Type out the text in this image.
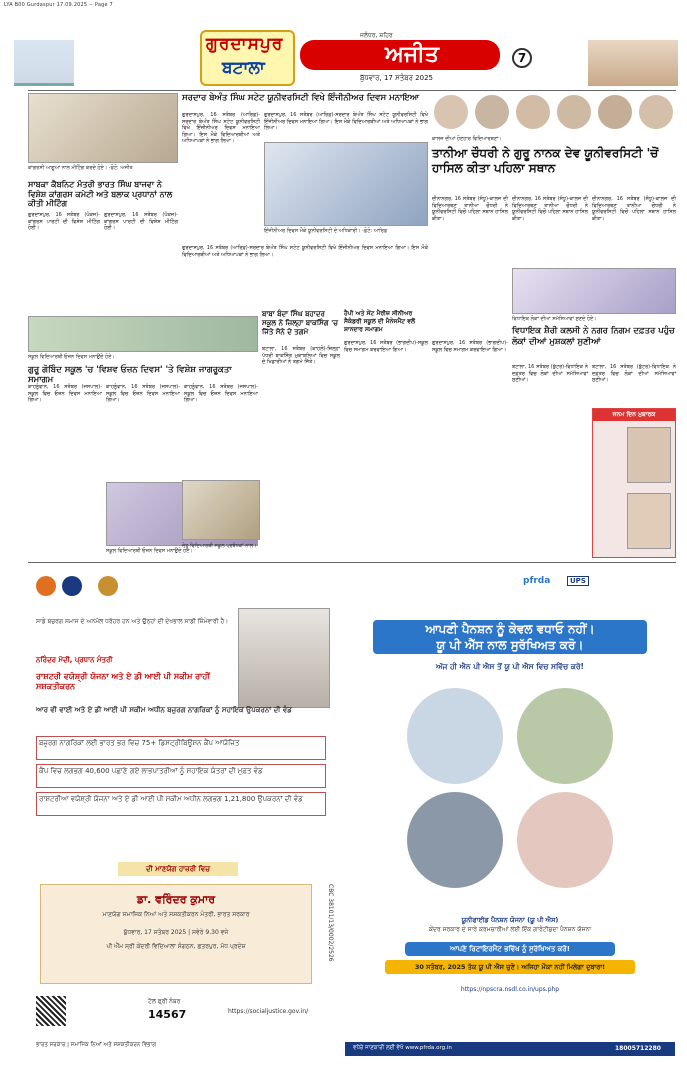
LYA B00 Gurdaspur 17.09.2025 -- Page 7
ਗੁਰਦਾਸਪੁਰ
ਬਟਾਲਾ
ਜਲੰਧਰ, ਸ਼ਹਿਰ
ਅਜੀਤ
ਬੁੱਧਵਾਰ, 17 ਸਤੰਬਰ 2025
7
ਕਾਂਗਰਸੀ ਆਗੂਆਂ ਨਾਲ ਮੀਟਿੰਗ ਕਰਦੇ ਹੋਏ। -ਫ਼ੋਟੋ: ਅਜੀਤ
ਸਾਬਕਾ ਕੈਬਨਿਟ ਮੰਤਰੀ ਭਾਰਤ ਸਿੰਘ ਬਾਜਵਾ ਨੇ ਵਿਸ਼ੇਸ਼ ਕਾਂਗਰਸ ਕਮੇਟੀ ਅਤੇ ਬਲਾਕ ਪ੍ਰਧਾਨਾਂ ਨਾਲ ਕੀਤੀ ਮੀਟਿੰਗ
ਗੁਰਦਾਸਪੁਰ, 16 ਸਤੰਬਰ (ਪੰਕਜ)-ਕਾਂਗਰਸ ਪਾਰਟੀ ਦੀ ਵਿਸ਼ੇਸ਼ ਮੀਟਿੰਗ ਹੋਈ।
ਗੁਰਦਾਸਪੁਰ, 16 ਸਤੰਬਰ (ਪੰਕਜ)-ਕਾਂਗਰਸ ਪਾਰਟੀ ਦੀ ਵਿਸ਼ੇਸ਼ ਮੀਟਿੰਗ ਹੋਈ।
ਸਕੂਲ ਵਿਦਿਆਰਥੀ ਓਜ਼ਨ ਦਿਵਸ ਮਨਾਉਂਦੇ ਹੋਏ।
ਗੁਰੂ ਗੋਬਿੰਦ ਸਕੂਲ 'ਚ 'ਵਿਸ਼ਵ ਓਜ਼ਨ ਦਿਵਸ' 'ਤੇ ਵਿਸ਼ੇਸ਼ ਜਾਗਰੂਕਤਾ ਸਮਾਗਮ
ਕਾਹਨੂੰਵਾਨ, 16 ਸਤੰਬਰ (ਜਸਪਾਲ)-ਸਕੂਲ ਵਿਚ ਓਜ਼ਨ ਦਿਵਸ ਮਨਾਇਆ ਗਿਆ।
ਕਾਹਨੂੰਵਾਨ, 16 ਸਤੰਬਰ (ਜਸਪਾਲ)-ਸਕੂਲ ਵਿਚ ਓਜ਼ਨ ਦਿਵਸ ਮਨਾਇਆ ਗਿਆ।
ਕਾਹਨੂੰਵਾਨ, 16 ਸਤੰਬਰ (ਜਸਪਾਲ)-ਸਕੂਲ ਵਿਚ ਓਜ਼ਨ ਦਿਵਸ ਮਨਾਇਆ ਗਿਆ।
ਸਕੂਲ ਵਿਦਿਆਰਥੀ ਓਜ਼ਨ ਦਿਵਸ ਮਨਾਉਂਦੇ ਹੋਏ।
ਸਰਦਾਰ ਬੇਅੰਤ ਸਿੰਘ ਸਟੇਟ ਯੂਨੀਵਰਸਿਟੀ ਵਿਖੇ ਇੰਜੀਨੀਅਰ ਦਿਵਸ ਮਨਾਇਆ
ਗੁਰਦਾਸਪੁਰ, 16 ਸਤੰਬਰ (ਆਰਿਫ਼)-ਸਰਦਾਰ ਬੇਅੰਤ ਸਿੰਘ ਸਟੇਟ ਯੂਨੀਵਰਸਿਟੀ ਵਿਖੇ ਇੰਜੀਨੀਅਰ ਦਿਵਸ ਮਨਾਇਆ ਗਿਆ। ਇਸ ਮੌਕੇ ਵਿਦਿਆਰਥੀਆਂ ਅਤੇ ਅਧਿਆਪਕਾਂ ਨੇ ਭਾਗ ਲਿਆ।
ਗੁਰਦਾਸਪੁਰ, 16 ਸਤੰਬਰ (ਆਰਿਫ਼)-ਸਰਦਾਰ ਬੇਅੰਤ ਸਿੰਘ ਸਟੇਟ ਯੂਨੀਵਰਸਿਟੀ ਵਿਖੇ ਇੰਜੀਨੀਅਰ ਦਿਵਸ ਮਨਾਇਆ ਗਿਆ। ਇਸ ਮੌਕੇ ਵਿਦਿਆਰਥੀਆਂ ਅਤੇ ਅਧਿਆਪਕਾਂ ਨੇ ਭਾਗ ਲਿਆ।
ਇੰਜੀਨੀਅਰ ਦਿਵਸ ਮੌਕੇ ਯੂਨੀਵਰਸਿਟੀ ਦੇ ਅਧਿਕਾਰੀ। -ਫ਼ੋਟੋ: ਆਰਿਫ਼
ਗੁਰਦਾਸਪੁਰ, 16 ਸਤੰਬਰ (ਆਰਿਫ਼)-ਸਰਦਾਰ ਬੇਅੰਤ ਸਿੰਘ ਸਟੇਟ ਯੂਨੀਵਰਸਿਟੀ ਵਿਖੇ ਇੰਜੀਨੀਅਰ ਦਿਵਸ ਮਨਾਇਆ ਗਿਆ। ਇਸ ਮੌਕੇ ਵਿਦਿਆਰਥੀਆਂ ਅਤੇ ਅਧਿਆਪਕਾਂ ਨੇ ਭਾਗ ਲਿਆ।
ਬਾਬਾ ਬੰਦਾ ਸਿੰਘ ਬਹਾਦਰ ਸਕੂਲ ਨੇ ਜ਼ਿਲ੍ਹਾ ਬਾਕਸਿੰਗ 'ਚ ਜਿੱਤੇ ਸੋਨੇ ਦੇ ਤਗਮੇ
ਬਟਾਲਾ, 16 ਸਤੰਬਰ (ਕਾਹਲੋਂ)-ਜ਼ਿਲ੍ਹਾ ਪੱਧਰੀ ਬਾਕਸਿੰਗ ਮੁਕਾਬਲਿਆਂ ਵਿਚ ਸਕੂਲ ਦੇ ਖਿਡਾਰੀਆਂ ਨੇ ਤਗਮੇ ਜਿੱਤੇ।
ਜੇਤੂ ਵਿਦਿਆਰਥੀ ਸਕੂਲ ਪ੍ਰਬੰਧਕਾਂ ਨਾਲ।
ਹੈਪੀ ਅਤੇ ਸੇਂਟ ਮੈਰੀਜ਼ ਸੀਨੀਅਰ ਸੈਕੰਡਰੀ ਸਕੂਲ ਦੀ ਮੈਨੇਜਮੈਂਟ ਵਲੋਂ ਸ਼ਾਨਦਾਰ ਸਮਾਗਮ
ਗੁਰਦਾਸਪੁਰ, 16 ਸਤੰਬਰ (ਭਾਗਦੀਪ)-ਸਕੂਲ ਵਿਚ ਸਮਾਗਮ ਕਰਵਾਇਆ ਗਿਆ।
ਗੁਰਦਾਸਪੁਰ, 16 ਸਤੰਬਰ (ਭਾਗਦੀਪ)-ਸਕੂਲ ਵਿਚ ਸਮਾਗਮ ਕਰਵਾਇਆ ਗਿਆ।
ਕਾਲਜ ਦੀਆਂ ਹੋਣਹਾਰ ਵਿਦਿਆਰਥਣਾਂ।
ਤਾਨੀਆ ਚੌਧਰੀ ਨੇ ਗੁਰੂ ਨਾਨਕ ਦੇਵ ਯੂਨੀਵਰਸਿਟੀ 'ਚੋਂ ਹਾਸਿਲ ਕੀਤਾ ਪਹਿਲਾ ਸਥਾਨ
ਦੀਨਾਨਗਰ, 16 ਸਤੰਬਰ (ਸੰਧੂ)-ਕਾਲਜ ਦੀ ਵਿਦਿਆਰਥਣ ਤਾਨੀਆ ਚੌਧਰੀ ਨੇ ਯੂਨੀਵਰਸਿਟੀ ਵਿਚੋਂ ਪਹਿਲਾ ਸਥਾਨ ਹਾਸਿਲ ਕੀਤਾ।
ਦੀਨਾਨਗਰ, 16 ਸਤੰਬਰ (ਸੰਧੂ)-ਕਾਲਜ ਦੀ ਵਿਦਿਆਰਥਣ ਤਾਨੀਆ ਚੌਧਰੀ ਨੇ ਯੂਨੀਵਰਸਿਟੀ ਵਿਚੋਂ ਪਹਿਲਾ ਸਥਾਨ ਹਾਸਿਲ ਕੀਤਾ।
ਦੀਨਾਨਗਰ, 16 ਸਤੰਬਰ (ਸੰਧੂ)-ਕਾਲਜ ਦੀ ਵਿਦਿਆਰਥਣ ਤਾਨੀਆ ਚੌਧਰੀ ਨੇ ਯੂਨੀਵਰਸਿਟੀ ਵਿਚੋਂ ਪਹਿਲਾ ਸਥਾਨ ਹਾਸਿਲ ਕੀਤਾ।
ਵਿਧਾਇਕ ਲੋਕਾਂ ਦੀਆਂ ਸਮੱਸਿਆਵਾਂ ਸੁਣਦੇ ਹੋਏ।
ਵਿਧਾਇਕ ਸ਼ੈਰੀ ਕਲਸੀ ਨੇ ਨਗਰ ਨਿਗਮ ਦਫ਼ਤਰ ਪਹੁੰਚ ਲੋਕਾਂ ਦੀਆਂ ਮੁਸ਼ਕਲਾਂ ਸੁਣੀਆਂ
ਬਟਾਲਾ, 16 ਸਤੰਬਰ (ਬੁੱਟਰ)-ਵਿਧਾਇਕ ਨੇ ਦਫ਼ਤਰ ਵਿਚ ਲੋਕਾਂ ਦੀਆਂ ਸਮੱਸਿਆਵਾਂ ਸੁਣੀਆਂ।
ਬਟਾਲਾ, 16 ਸਤੰਬਰ (ਬੁੱਟਰ)-ਵਿਧਾਇਕ ਨੇ ਦਫ਼ਤਰ ਵਿਚ ਲੋਕਾਂ ਦੀਆਂ ਸਮੱਸਿਆਵਾਂ ਸੁਣੀਆਂ।
ਜਨਮ ਦਿਨ ਮੁਬਾਰਕ
ਸਾਡੇ ਬਜ਼ੁਰਗ ਸਮਾਜ ਦੇ ਅਨਮੋਲ ਧਰੋਹਰ ਹਨ ਅਤੇ ਉਨ੍ਹਾਂ ਦੀ ਦੇਖਭਾਲ ਸਾਡੀ ਜ਼ਿੰਮੇਵਾਰੀ ਹੈ।
ਨਰਿੰਦਰ ਮੋਦੀ, ਪ੍ਰਧਾਨ ਮੰਤਰੀ
ਰਾਸ਼ਟਰੀ ਵਯੋਸ਼੍ਰੀ ਯੋਜਨਾ ਅਤੇ ਏ ਡੀ ਆਈ ਪੀ ਸਕੀਮ ਰਾਹੀਂ ਸਸ਼ਕਤੀਕਰਨ
ਆਰ ਵੀ ਵਾਈ ਅਤੇ ਏ ਡੀ ਆਈ ਪੀ ਸਕੀਮ ਅਧੀਨ ਬਜ਼ੁਰਗ ਨਾਗਰਿਕਾਂ ਨੂੰ ਸਹਾਇਕ ਉਪਕਰਨਾਂ ਦੀ ਵੰਡ
ਬਜ਼ੁਰਗ ਨਾਗਰਿਕਾਂ ਲਈ ਭਾਰਤ ਭਰ ਵਿਚ 75+ ਡਿਸਟ੍ਰੀਬਿਊਸ਼ਨ ਕੈਂਪ ਆਯੋਜਿਤ
ਕੈਂਪ ਵਿਚ ਲਗਭਗ 40,600 ਪਛਾਣੇ ਗਏ ਲਾਭਪਾਤਰੀਆਂ ਨੂੰ ਸਹਾਇਕ ਯੰਤਰਾਂ ਦੀ ਮੁਫ਼ਤ ਵੰਡ
ਰਾਸ਼ਟਰੀਆ ਵਯੋਸ਼੍ਰੀ ਯੋਜਨਾ ਅਤੇ ਏ ਡੀ ਆਈ ਪੀ ਸਕੀਮ ਅਧੀਨ ਲਗਭਗ 1,21,800 ਉਪਕਰਨਾਂ ਦੀ ਵੰਡ
ਦੀ ਮਾਣਯੋਗ ਹਾਜ਼ਰੀ ਵਿਚ
ਡਾ. ਵਰਿੰਦਰ ਕੁਮਾਰ
ਮਾਣਯੋਗ ਸਮਾਜਿਕ ਨਿਆਂ ਅਤੇ ਸਸ਼ਕਤੀਕਰਨ ਮੰਤਰੀ, ਭਾਰਤ ਸਰਕਾਰ
ਬੁੱਧਵਾਰ, 17 ਸਤੰਬਰ 2025 | ਸਵੇਰੇ 9.30 ਵਜੇ
ਪੀ ਐੱਮ ਸ੍ਰੀ ਕੇਂਦਰੀ ਵਿਦਿਆਲਾ ਸੰਗਠਨ, ਛਤਰਪੁਰ, ਮੱਧ ਪ੍ਰਦੇਸ਼	CBC 38101/13/0002/2526
ਟੋਲ ਫ੍ਰੀ ਨੰਬਰ
14567	https://socialjustice.gov.in/
ਭਾਰਤ ਸਰਕਾਰ | ਸਮਾਜਿਕ ਨਿਆਂ ਅਤੇ ਸਸ਼ਕਤੀਕਰਨ ਵਿਭਾਗ
pfrda	UPS
ਆਪਣੀ ਪੈਨਸ਼ਨ ਨੂੰ ਕੇਵਲ ਵਧਾਓ ਨਹੀਂ।
ਯੂ ਪੀ ਐੱਸ ਨਾਲ ਸੁਰੱਖਿਅਤ ਕਰੋ।
ਅੱਜ ਹੀ ਐਨ ਪੀ ਐਸ ਤੋਂ ਯੂ ਪੀ ਐਸ ਵਿਚ ਸਵਿੱਚ ਕਰੋ!
ਯੂਨੀਫਾਈਡ ਪੈਨਸ਼ਨ ਯੋਜਨਾ (ਯੂ ਪੀ ਐਸ)
ਕੇਂਦਰ ਸਰਕਾਰ ਦੇ ਸਾਰੇ ਕਰਮਚਾਰੀਆਂ ਲਈ ਇੱਕ ਗਾਰੰਟੀਸ਼ੁਦਾ ਪੈਨਸ਼ਨ ਯੋਜਨਾ
ਆਪਣੇ ਰਿਟਾਇਰਮੈਂਟ ਭਵਿੱਖ ਨੂੰ ਸੁਰੱਖਿਅਤ ਕਰੋ!
30 ਸਤੰਬਰ, 2025 ਤੱਕ ਯੂ ਪੀ ਐਸ ਚੁਣੋ। ਅਜਿਹਾ ਮੌਕਾ ਨਹੀਂ ਮਿਲੇਗਾ ਦੁਬਾਰਾ!
https://npscra.nsdl.co.in/ups.php
ਵਧੇਰੇ ਜਾਣਕਾਰੀ ਲਈ ਵੇਖੋ www.pfrda.org.in	18005712280
